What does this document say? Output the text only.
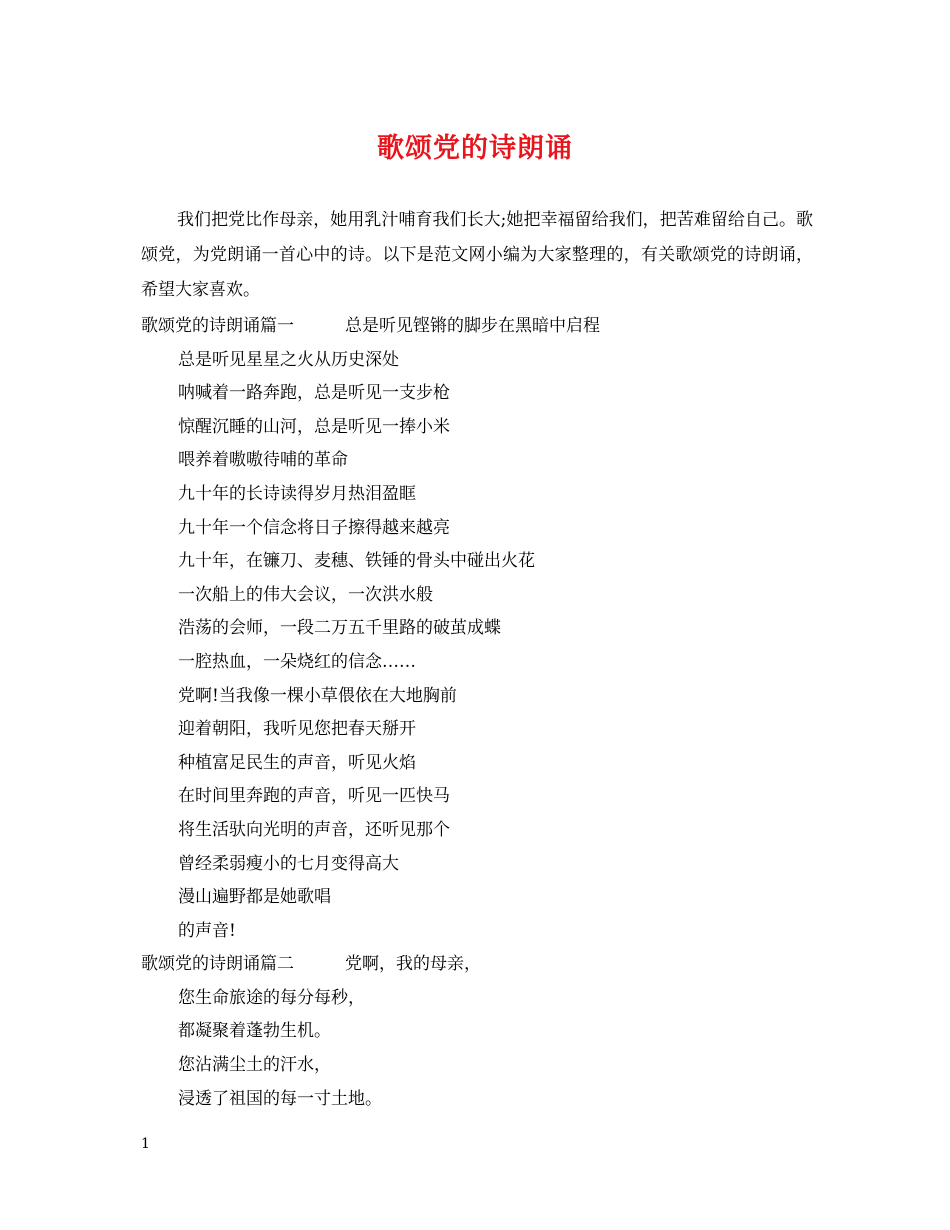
歌颂党的诗朗诵

我们把党比作母亲，她用乳汁哺育我们长大;她把幸福留给我们，把苦难留给自己。歌颂党，为党朗诵一首心中的诗。以下是范文网小编为大家整理的，有关歌颂党的诗朗诵，希望大家喜欢。

歌颂党的诗朗诵篇一	总是听见铿锵的脚步在黑暗中启程
总是听见星星之火从历史深处
呐喊着一路奔跑，总是听见一支步枪
惊醒沉睡的山河，总是听见一捧小米
喂养着嗷嗷待哺的革命
九十年的长诗读得岁月热泪盈眶
九十年一个信念将日子擦得越来越亮
九十年，在镰刀、麦穗、铁锤的骨头中碰出火花
一次船上的伟大会议，一次洪水般
浩荡的会师，一段二万五千里路的破茧成蝶
一腔热血，一朵烧红的信念……
党啊!当我像一棵小草偎依在大地胸前
迎着朝阳，我听见您把春天掰开
种植富足民生的声音，听见火焰
在时间里奔跑的声音，听见一匹快马
将生活驮向光明的声音，还听见那个
曾经柔弱瘦小的七月变得高大
漫山遍野都是她歌唱
的声音!
歌颂党的诗朗诵篇二	党啊，我的母亲，
您生命旅途的每分每秒，
都凝聚着蓬勃生机。
您沾满尘土的汗水，
浸透了祖国的每一寸土地。
1
